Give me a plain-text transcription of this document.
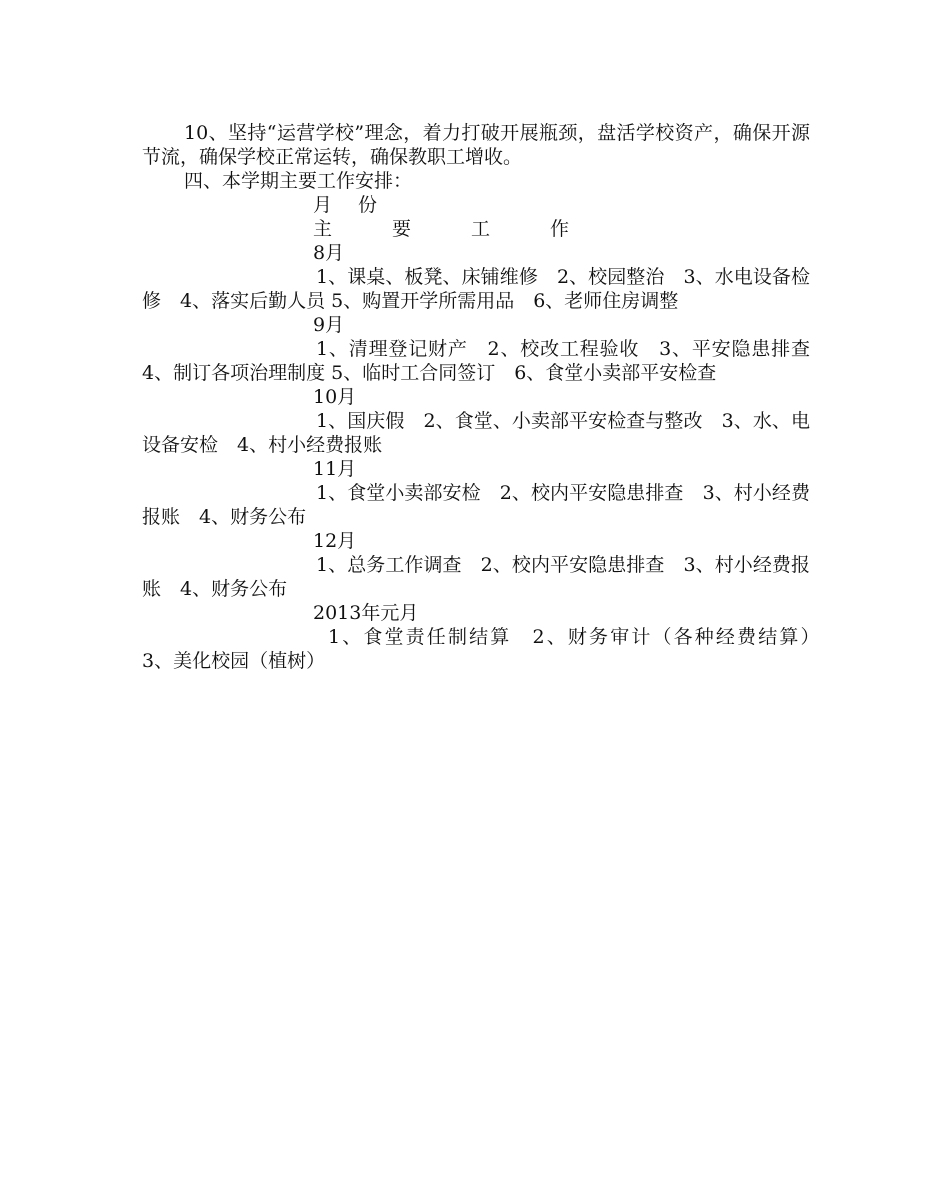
10、坚持“运营学校”理念，着力打破开展瓶颈，盘活学校资产，确保开源节流，确保学校正常运转，确保教职工增收。

四、本学期主要工作安排：

月 份

主	要	工	作

8月

1、课桌、板凳、床铺维修　2、校园整治　3、水电设备检修　4、落实后勤人员 5、购置开学所需用品　6、老师住房调整

9月

1、清理登记财产　2、校改工程验收　3、平安隐患排查　4、制订各项治理制度 5、临时工合同签订　6、食堂小卖部平安检查

10月

1、国庆假　2、食堂、小卖部平安检查与整改　3、水、电设备安检　4、村小经费报账

11月

1、食堂小卖部安检　2、校内平安隐患排查　3、村小经费报账　4、财务公布

12月

1、总务工作调查　2、校内平安隐患排查　3、村小经费报账　4、财务公布

2013年元月

1、食堂责任制结算　2、财务审计（各种经费结算）　3、美化校园（植树）
